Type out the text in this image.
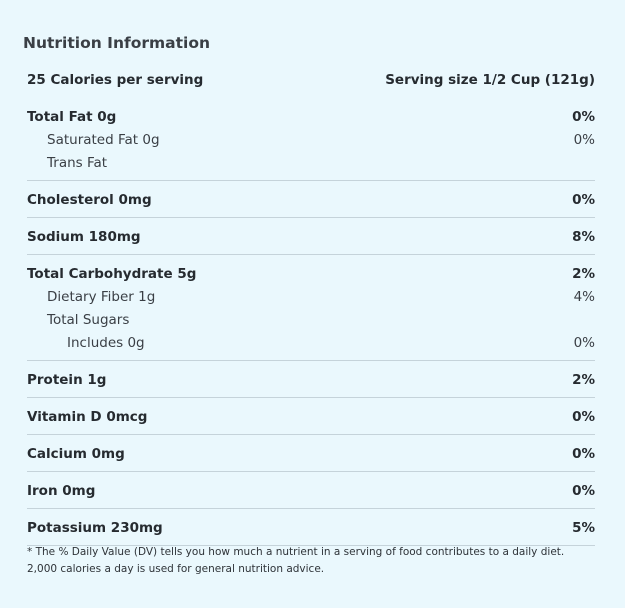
Nutrition Information
25 Calories per serving	Serving size 1/2 Cup (121g)
Total Fat 0g	0%
Saturated Fat 0g	0%
Trans Fat
Cholesterol 0mg	0%
Sodium 180mg	8%
Total Carbohydrate 5g	2%
Dietary Fiber 1g	4%
Total Sugars
Includes 0g	0%
Protein 1g	2%
Vitamin D 0mcg	0%
Calcium 0mg	0%
Iron 0mg	0%
Potassium 230mg	5%
* The % Daily Value (DV) tells you how much a nutrient in a serving of food contributes to a daily diet. 2,000 calories a day is used for general nutrition advice.
